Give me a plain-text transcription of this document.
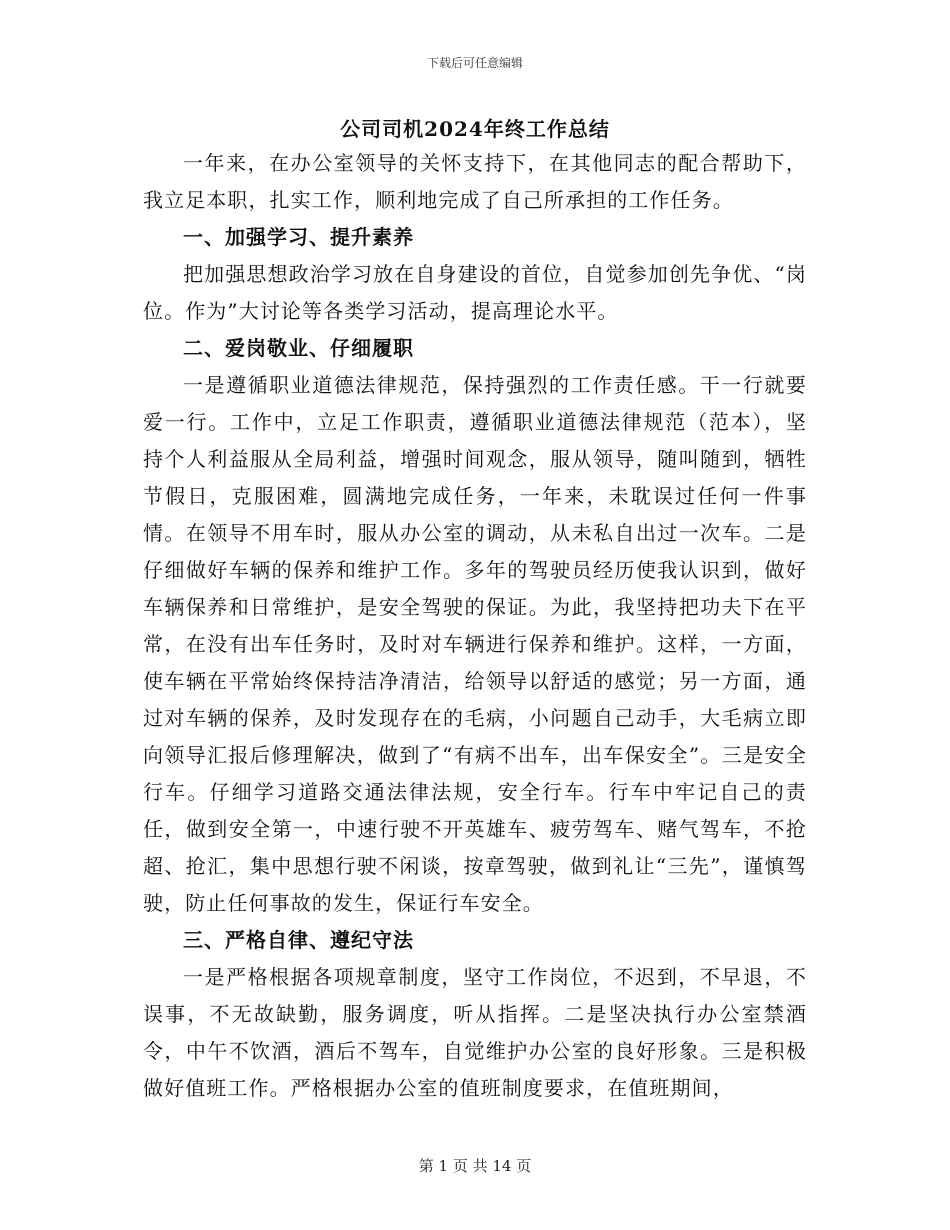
下载后可任意编辑
公司司机2024年终工作总结

一年来，在办公室领导的关怀支持下，在其他同志的配合帮助下，我立足本职，扎实工作，顺利地完成了自己所承担的工作任务。

一、加强学习、提升素养

把加强思想政治学习放在自身建设的首位，自觉参加创先争优、“岗位。作为”大讨论等各类学习活动，提高理论水平。

二、爱岗敬业、仔细履职

一是遵循职业道德法律规范，保持强烈的工作责任感。干一行就要爱一行。工作中，立足工作职责，遵循职业道德法律规范（范本），坚持个人利益服从全局利益，增强时间观念，服从领导，随叫随到，牺牲节假日，克服困难，圆满地完成任务，一年来，未耽误过任何一件事情。在领导不用车时，服从办公室的调动，从未私自出过一次车。二是仔细做好车辆的保养和维护工作。多年的驾驶员经历使我认识到，做好车辆保养和日常维护，是安全驾驶的保证。为此，我坚持把功夫下在平常，在没有出车任务时，及时对车辆进行保养和维护。这样，一方面，使车辆在平常始终保持洁净清洁，给领导以舒适的感觉；另一方面，通过对车辆的保养，及时发现存在的毛病，小问题自己动手，大毛病立即向领导汇报后修理解决，做到了“有病不出车，出车保安全”。三是安全行车。仔细学习道路交通法律法规，安全行车。行车中牢记自己的责任，做到安全第一，中速行驶不开英雄车、疲劳驾车、赌气驾车，不抢超、抢汇，集中思想行驶不闲谈，按章驾驶，做到礼让“三先”，谨慎驾驶，防止任何事故的发生，保证行车安全。

三、严格自律、遵纪守法

一是严格根据各项规章制度，坚守工作岗位，不迟到，不早退，不误事，不无故缺勤，服务调度，听从指挥。二是坚决执行办公室禁酒令，中午不饮酒，酒后不驾车，自觉维护办公室的良好形象。三是积极做好值班工作。严格根据办公室的值班制度要求，在值班期间，

第 1 页 共 14 页
